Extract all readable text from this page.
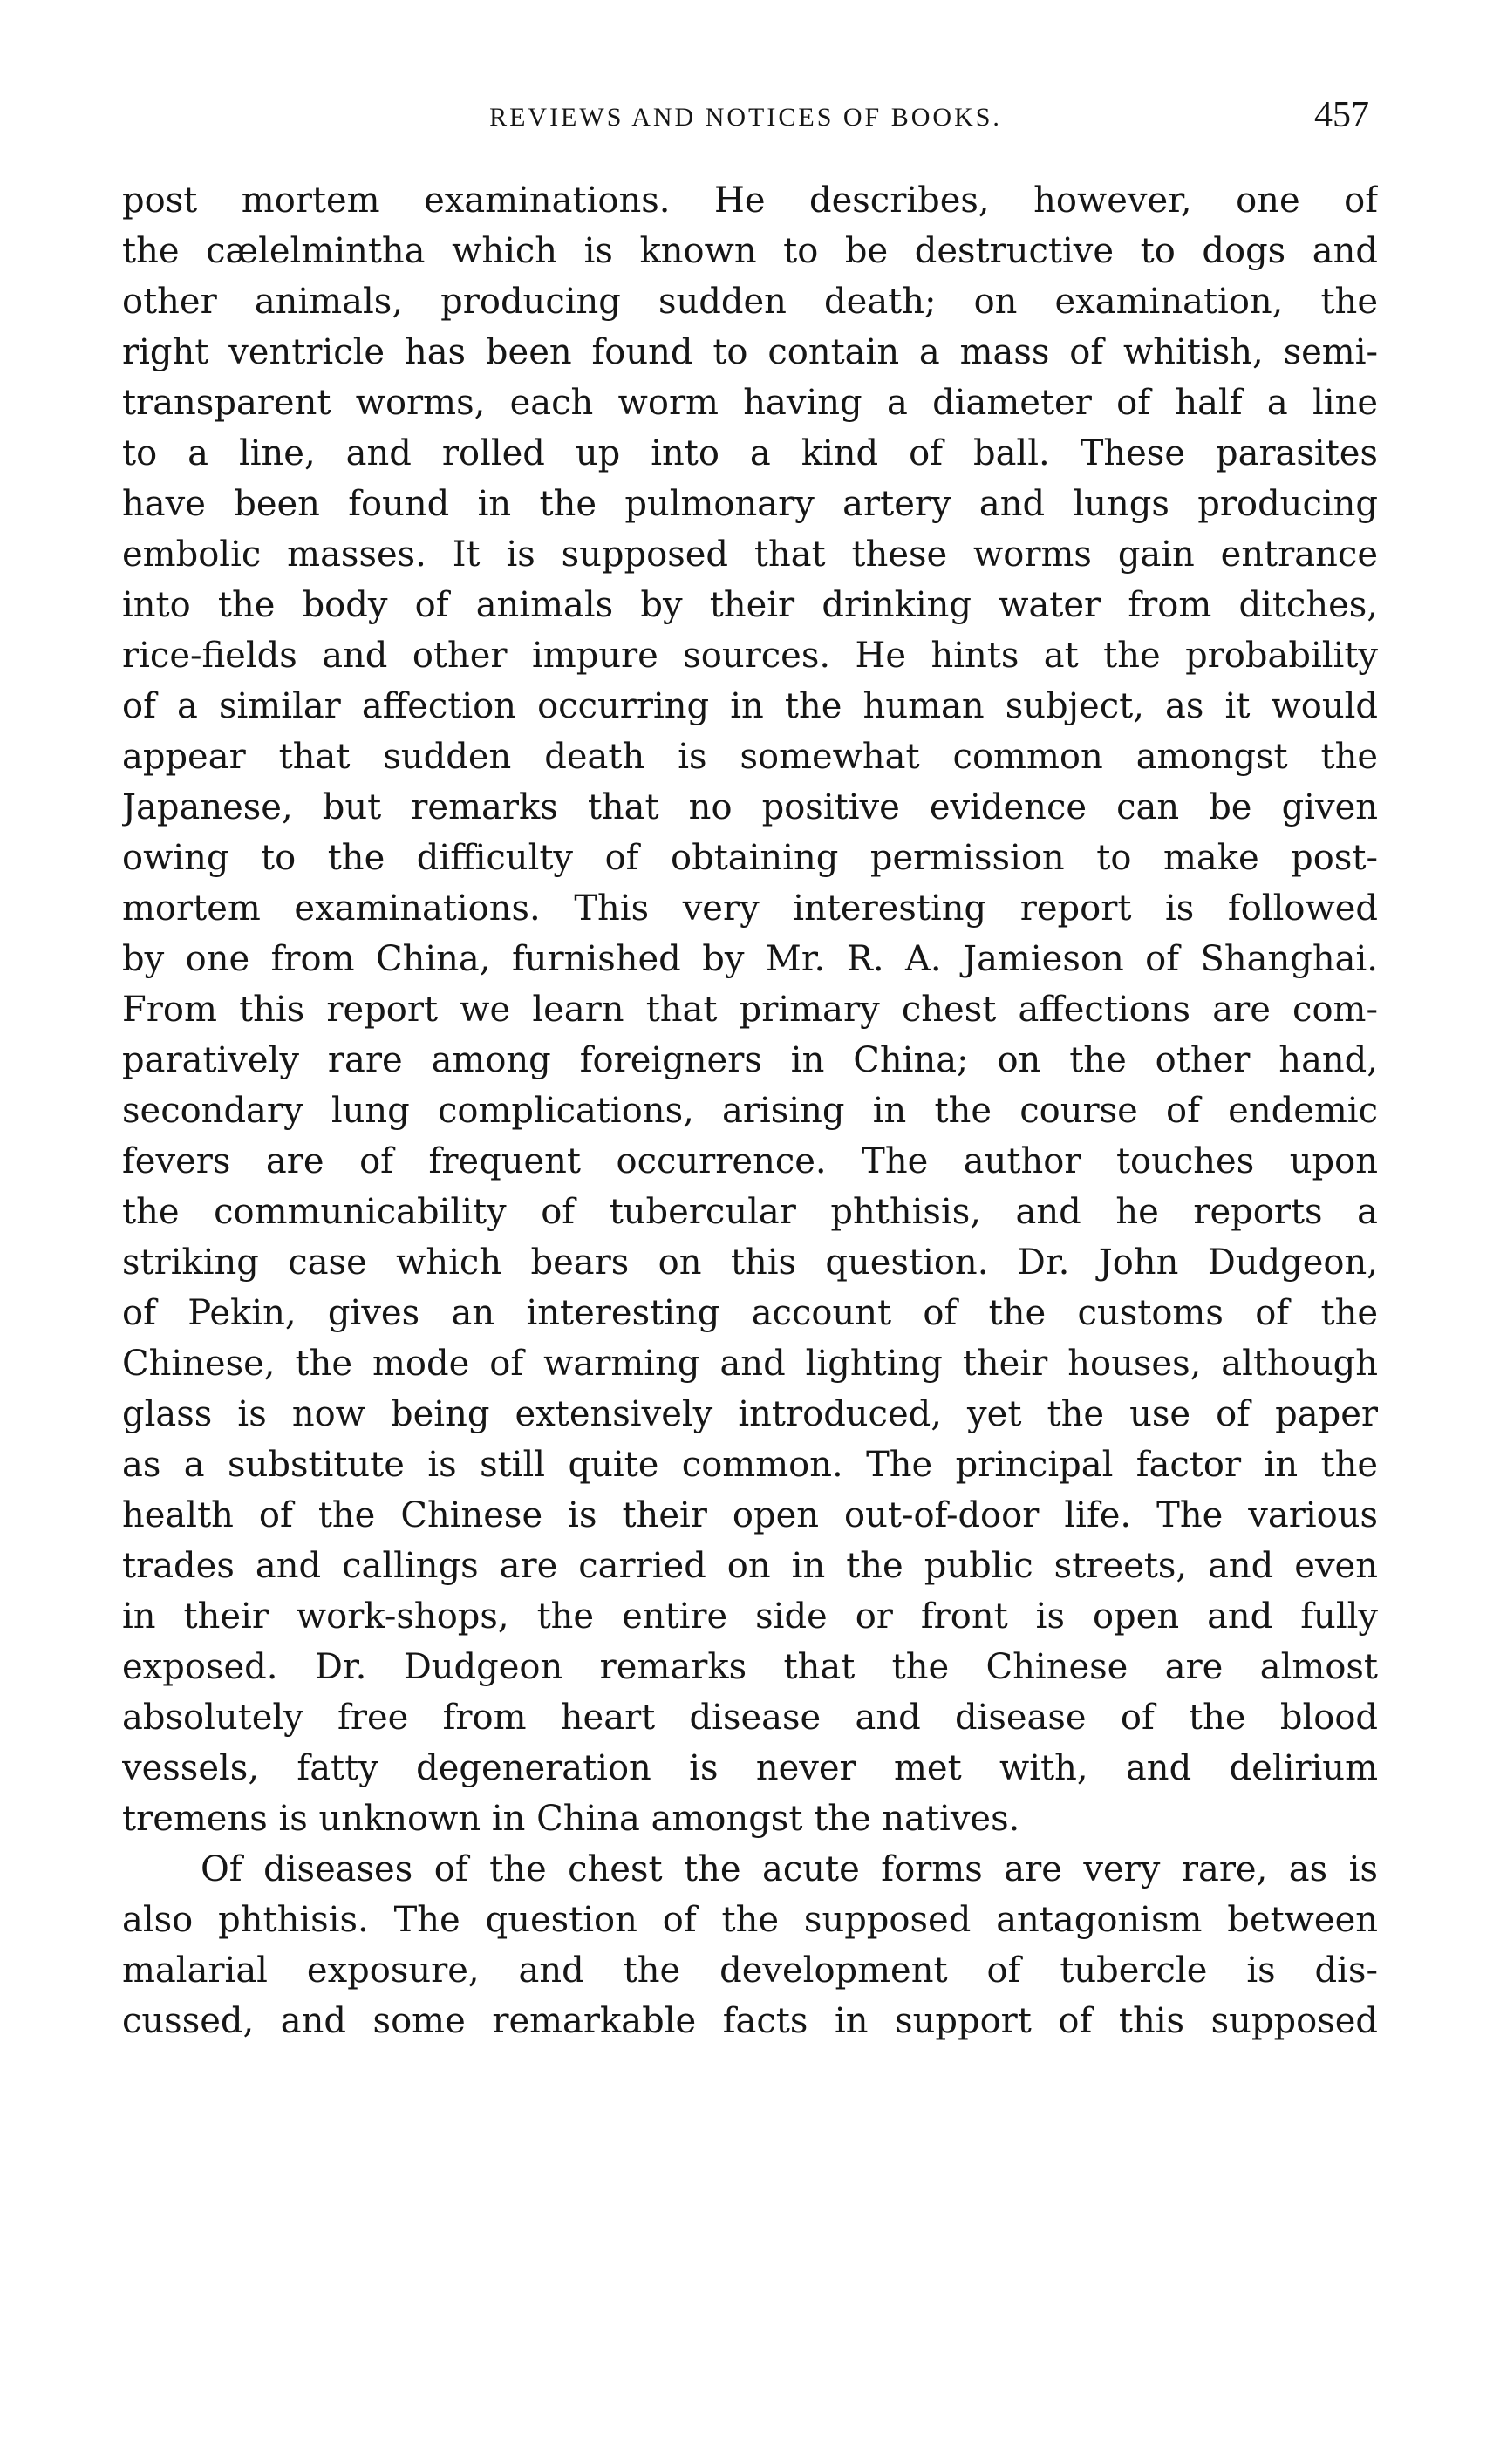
REVIEWS AND NOTICES OF BOOKS.	457
post mortem examinations. He describes, however, one of
the cælelmintha which is known to be destructive to dogs and
other animals, producing sudden death; on examination, the
right ventricle has been found to contain a mass of whitish, semi-
transparent worms, each worm having a diameter of half a line
to a line, and rolled up into a kind of ball. These parasites
have been found in the pulmonary artery and lungs producing
embolic masses. It is supposed that these worms gain entrance
into the body of animals by their drinking water from ditches,
rice-fields and other impure sources. He hints at the probability
of a similar affection occurring in the human subject, as it would
appear that sudden death is somewhat common amongst the
Japanese, but remarks that no positive evidence can be given
owing to the difficulty of obtaining permission to make post-
mortem examinations. This very interesting report is followed
by one from China, furnished by Mr. R. A. Jamieson of Shanghai.
From this report we learn that primary chest affections are com-
paratively rare among foreigners in China; on the other hand,
secondary lung complications, arising in the course of endemic
fevers are of frequent occurrence. The author touches upon
the communicability of tubercular phthisis, and he reports a
striking case which bears on this question. Dr. John Dudgeon,
of Pekin, gives an interesting account of the customs of the
Chinese, the mode of warming and lighting their houses, although
glass is now being extensively introduced, yet the use of paper
as a substitute is still quite common. The principal factor in the
health of the Chinese is their open out-of-door life. The various
trades and callings are carried on in the public streets, and even
in their work-shops, the entire side or front is open and fully
exposed. Dr. Dudgeon remarks that the Chinese are almost
absolutely free from heart disease and disease of the blood
vessels, fatty degeneration is never met with, and delirium
tremens is unknown in China amongst the natives.
Of diseases of the chest the acute forms are very rare, as is
also phthisis. The question of the supposed antagonism between
malarial exposure, and the development of tubercle is dis-
cussed, and some remarkable facts in support of this supposed
